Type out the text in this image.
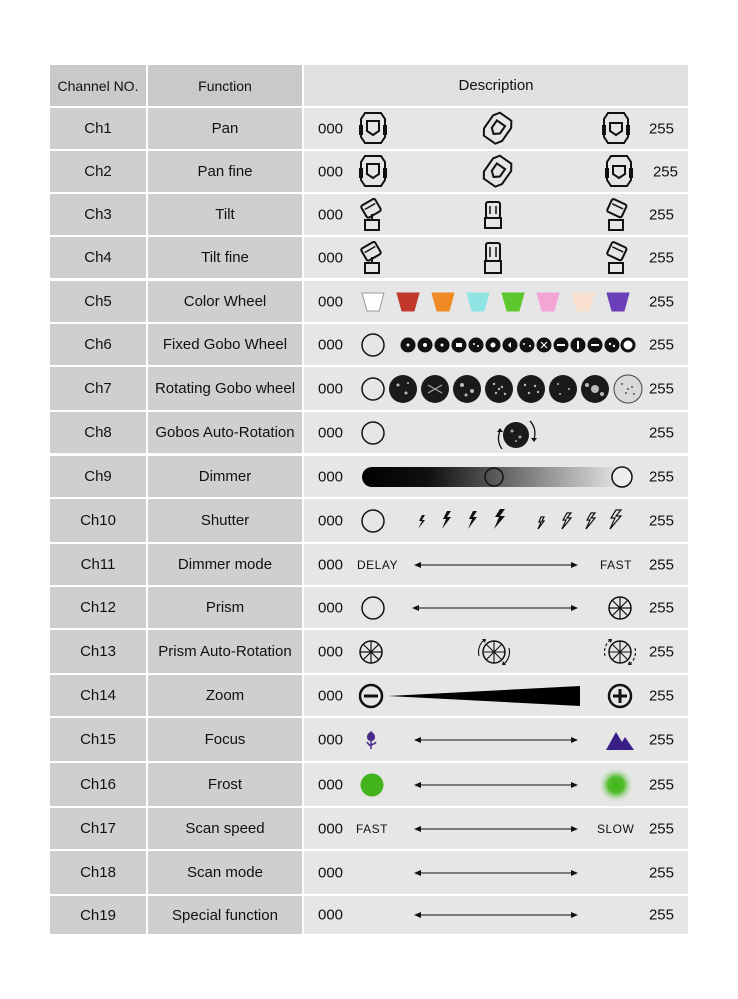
Channel NO.	Function	Description
Ch1	Pan	000	255
Ch2	Pan fine	000	255
Ch3	Tilt	000	255
Ch4	Tilt fine	000	255
Ch5	Color Wheel	000	255
Ch6	Fixed Gobo Wheel	000	255
Ch7	Rotating Gobo wheel	000	255
Ch8	Gobos Auto-Rotation	000	255
Ch9	Dimmer	000	255
Ch10	Shutter	000	255
Ch11	Dimmer mode	000 DELAY	FAST 255
Ch12	Prism	000	255
Ch13	Prism Auto-Rotation	000	255
Ch14	Zoom	000	255
Ch15	Focus	000	255
Ch16	Frost	000	255
Ch17	Scan speed	000 FAST	SLOW 255
Ch18	Scan mode	000	255
Ch19	Special function	000	255
